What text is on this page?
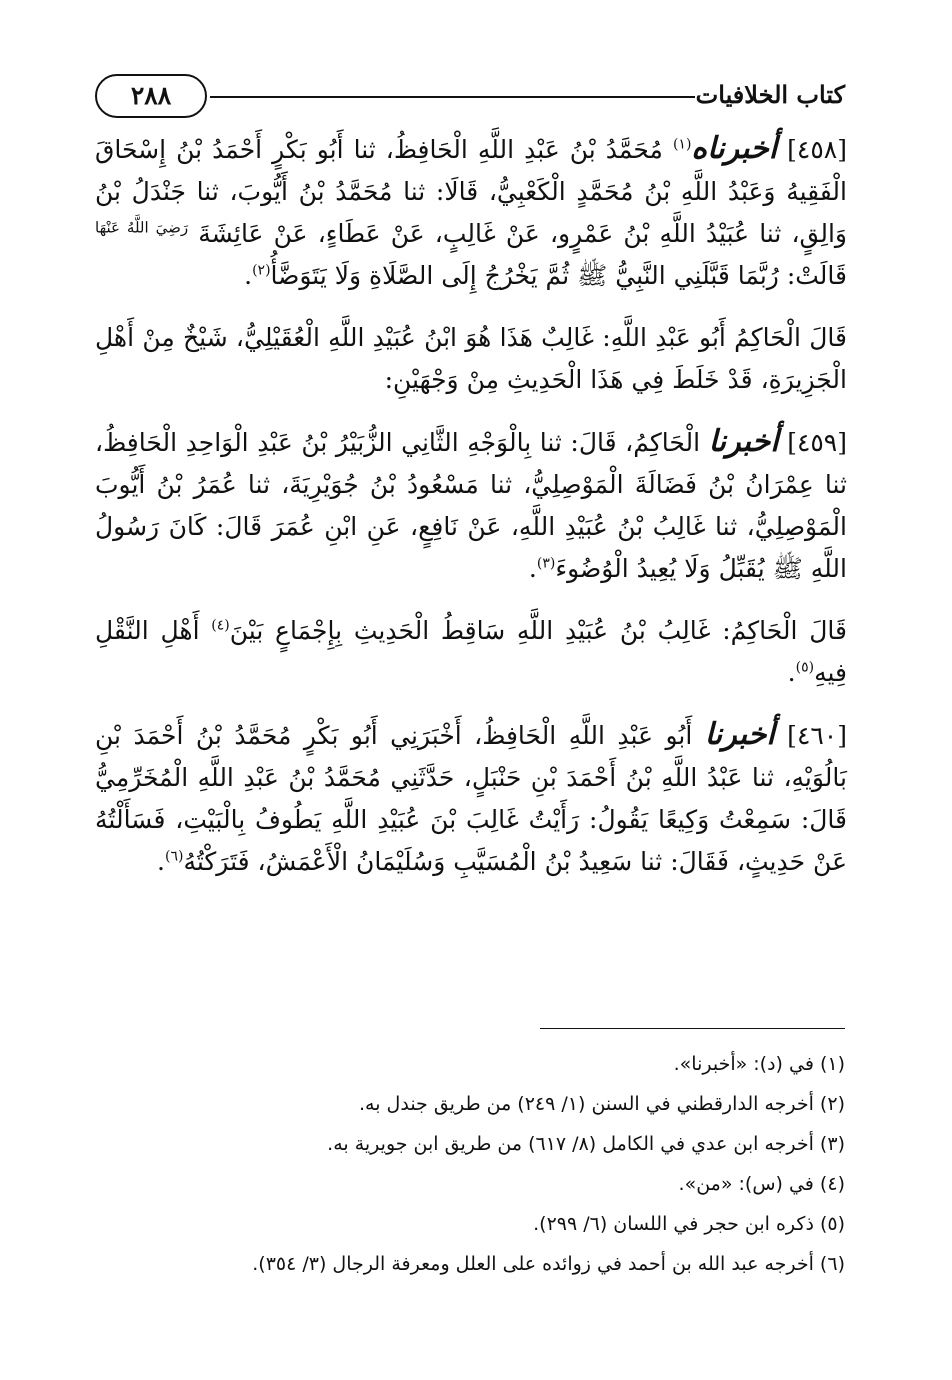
٢٨٨	كتاب الخلافيات

[٤٥٨] أخبرناه$^{(١)}$ مُحَمَّدُ بْنُ عَبْدِ اللَّهِ الْحَافِظُ، ثنا أَبُو بَكْرٍ أَحْمَدُ بْنُ إِسْحَاقَ الْفَقِيهُ وَعَبْدُ اللَّهِ بْنُ مُحَمَّدٍ الْكَعْبِيُّ، قَالَا: ثنا مُحَمَّدُ بْنُ أَيُّوبَ، ثنا جَنْدَلُ بْنُ وَالِقٍ، ثنا عُبَيْدُ اللَّهِ بْنُ عَمْرٍو، عَنْ غَالِبٍ، عَنْ عَطَاءٍ، عَنْ عَائِشَةَ $^{رَضِيَ اللَّهُ عَنْهَا}$ قَالَتْ: رُبَّمَا قَبَّلَنِي النَّبِيُّ ﷺ ثُمَّ يَخْرُجُ إِلَى الصَّلَاةِ وَلَا يَتَوَضَّأُ$^{(٢)}$.

قَالَ الْحَاكِمُ أَبُو عَبْدِ اللَّهِ: غَالِبٌ هَذَا هُوَ ابْنُ عُبَيْدِ اللَّهِ الْعُقَيْلِيُّ، شَيْخٌ مِنْ أَهْلِ الْجَزِيرَةِ، قَدْ خَلَطَ فِي هَذَا الْحَدِيثِ مِنْ وَجْهَيْنِ:

[٤٥٩] أخبرنا الْحَاكِمُ، قَالَ: ثنا بِالْوَجْهِ الثَّانِي الزُّبَيْرُ بْنُ عَبْدِ الْوَاحِدِ الْحَافِظُ، ثنا عِمْرَانُ بْنُ فَضَالَةَ الْمَوْصِلِيُّ، ثنا مَسْعُودُ بْنُ جُوَيْرِيَةَ، ثنا عُمَرُ بْنُ أَيُّوبَ الْمَوْصِلِيُّ، ثنا غَالِبُ بْنُ عُبَيْدِ اللَّهِ، عَنْ نَافِعٍ، عَنِ ابْنِ عُمَرَ قَالَ: كَانَ رَسُولُ اللَّهِ ﷺ يُقَبِّلُ وَلَا يُعِيدُ الْوُضُوءَ$^{(٣)}$.

قَالَ الْحَاكِمُ: غَالِبُ بْنُ عُبَيْدِ اللَّهِ سَاقِطُ الْحَدِيثِ بِإِجْمَاعٍ بَيْنَ$^{(٤)}$ أَهْلِ النَّقْلِ فِيهِ$^{(٥)}$.

[٤٦٠] أخبرنا أَبُو عَبْدِ اللَّهِ الْحَافِظُ، أَخْبَرَنِي أَبُو بَكْرٍ مُحَمَّدُ بْنُ أَحْمَدَ بْنِ بَالُوَيْهِ، ثنا عَبْدُ اللَّهِ بْنُ أَحْمَدَ بْنِ حَنْبَلٍ، حَدَّثَنِي مُحَمَّدُ بْنُ عَبْدِ اللَّهِ الْمُخَرِّمِيُّ قَالَ: سَمِعْتُ وَكِيعًا يَقُولُ: رَأَيْتُ غَالِبَ بْنَ عُبَيْدِ اللَّهِ يَطُوفُ بِالْبَيْتِ، فَسَأَلْتُهُ عَنْ حَدِيثٍ، فَقَالَ: ثنا سَعِيدُ بْنُ الْمُسَيَّبِ وَسُلَيْمَانُ الْأَعْمَشُ، فَتَرَكْتُهُ$^{(٦)}$.

(١) في (د): «أخبرنا».
(٢) أخرجه الدارقطني في السنن (١/ ٢٤٩) من طريق جندل به.
(٣) أخرجه ابن عدي في الكامل (٨/ ٦١٧) من طريق ابن جويرية به.
(٤) في (س): «من».
(٥) ذكره ابن حجر في اللسان (٦/ ٢٩٩).
(٦) أخرجه عبد الله بن أحمد في زوائده على العلل ومعرفة الرجال (٣/ ٣٥٤).
